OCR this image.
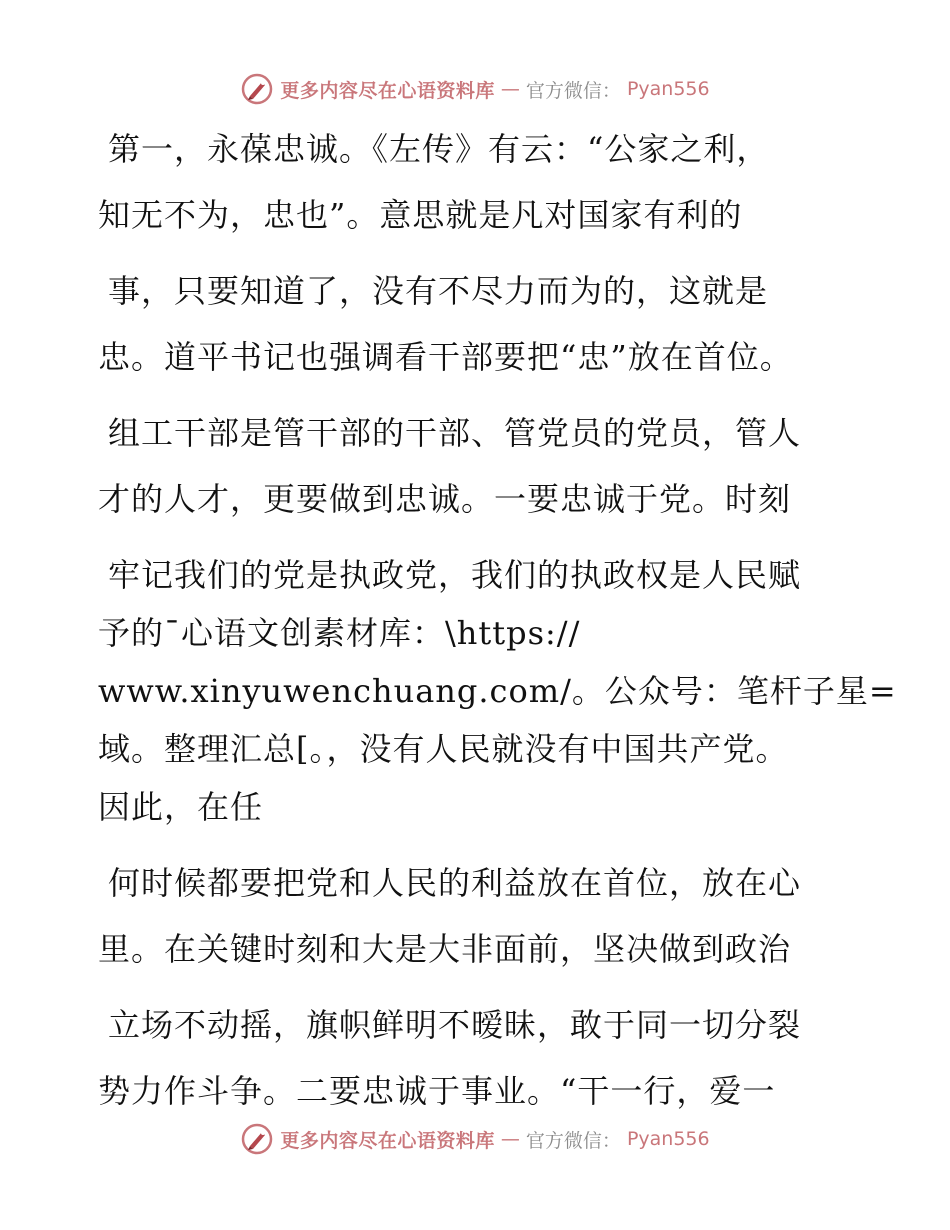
更多内容尽在心语资料库 — 官方微信： Pyan556
第一，永葆忠诚。《左传》有云：“公家之利，
知无不为，忠也”。意思就是凡对国家有利的
事，只要知道了，没有不尽力而为的，这就是
忠。道平书记也强调看干部要把“忠”放在首位。
组工干部是管干部的干部、管党员的党员，管人
才的人才，更要做到忠诚。一要忠诚于党。时刻
牢记我们的党是执政党，我们的执政权是人民赋
予的¯心语文创素材库：\https://
www.xinyuwenchuang.com/。公众号：笔杆子星=
域。整理汇总[。，没有人民就没有中国共产党。
因此，在任
何时候都要把党和人民的利益放在首位，放在心
里。在关键时刻和大是大非面前，坚决做到政治
立场不动摇，旗帜鲜明不暧昧，敢于同一切分裂
势力作斗争。二要忠诚于事业。“干一行，爱一
更多内容尽在心语资料库 — 官方微信： Pyan556
